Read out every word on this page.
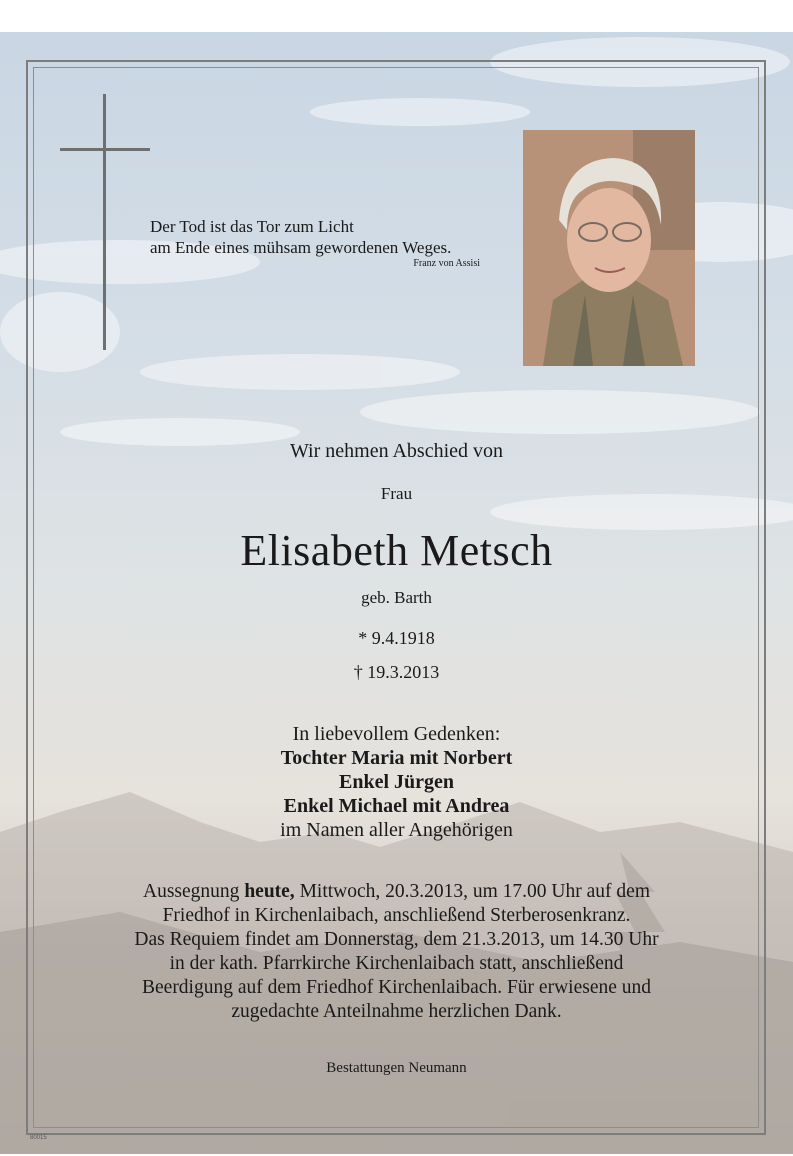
Der Tod ist das Tor zum Licht
am Ende eines mühsam gewordenen Weges.
Franz von Assisi
Wir nehmen Abschied von
Frau
Elisabeth Metsch
geb. Barth
* 9.4.1918
† 19.3.2013
In liebevollem Gedenken:
Tochter Maria mit Norbert
Enkel Jürgen
Enkel Michael mit Andrea
im Namen aller Angehörigen
Aussegnung heute, Mittwoch, 20.3.2013, um 17.00 Uhr auf dem
Friedhof in Kirchenlaibach, anschließend Sterberosenkranz.
Das Requiem findet am Donnerstag, dem 21.3.2013, um 14.30 Uhr
in der kath. Pfarrkirche Kirchenlaibach statt, anschließend
Beerdigung auf dem Friedhof Kirchenlaibach. Für erwiesene und
zugedachte Anteilnahme herzlichen Dank.
Bestattungen Neumann
80015
